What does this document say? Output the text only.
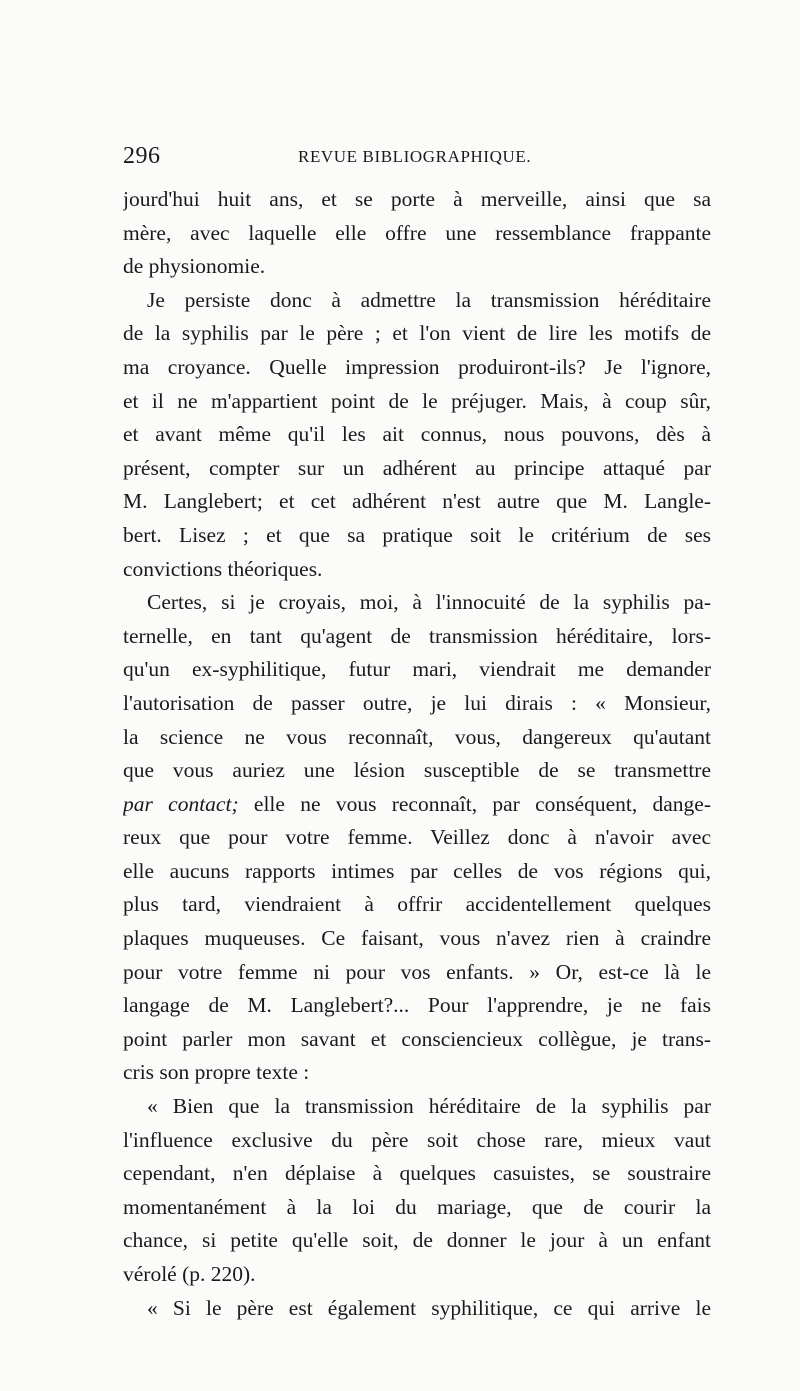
296	REVUE BIBLIOGRAPHIQUE.
jourd'hui huit ans, et se porte à merveille, ainsi que sa
mère, avec laquelle elle offre une ressemblance frappante
de physionomie.
Je persiste donc à admettre la transmission héréditaire
de la syphilis par le père ; et l'on vient de lire les motifs de
ma croyance. Quelle impression produiront-ils? Je l'ignore,
et il ne m'appartient point de le préjuger. Mais, à coup sûr,
et avant même qu'il les ait connus, nous pouvons, dès à
présent, compter sur un adhérent au principe attaqué par
M. Langlebert; et cet adhérent n'est autre que M. Langle-
bert. Lisez ; et que sa pratique soit le critérium de ses
convictions théoriques.
Certes, si je croyais, moi, à l'innocuité de la syphilis pa-
ternelle, en tant qu'agent de transmission héréditaire, lors-
qu'un ex-syphilitique, futur mari, viendrait me demander
l'autorisation de passer outre, je lui dirais : « Monsieur,
la science ne vous reconnaît, vous, dangereux qu'autant
que vous auriez une lésion susceptible de se transmettre
par contact; elle ne vous reconnaît, par conséquent, dange-
reux que pour votre femme. Veillez donc à n'avoir avec
elle aucuns rapports intimes par celles de vos régions qui,
plus tard, viendraient à offrir accidentellement quelques
plaques muqueuses. Ce faisant, vous n'avez rien à craindre
pour votre femme ni pour vos enfants. » Or, est-ce là le
langage de M. Langlebert?... Pour l'apprendre, je ne fais
point parler mon savant et consciencieux collègue, je trans-
cris son propre texte :
« Bien que la transmission héréditaire de la syphilis par
l'influence exclusive du père soit chose rare, mieux vaut
cependant, n'en déplaise à quelques casuistes, se soustraire
momentanément à la loi du mariage, que de courir la
chance, si petite qu'elle soit, de donner le jour à un enfant
vérolé (p. 220).
« Si le père est également syphilitique, ce qui arrive le
